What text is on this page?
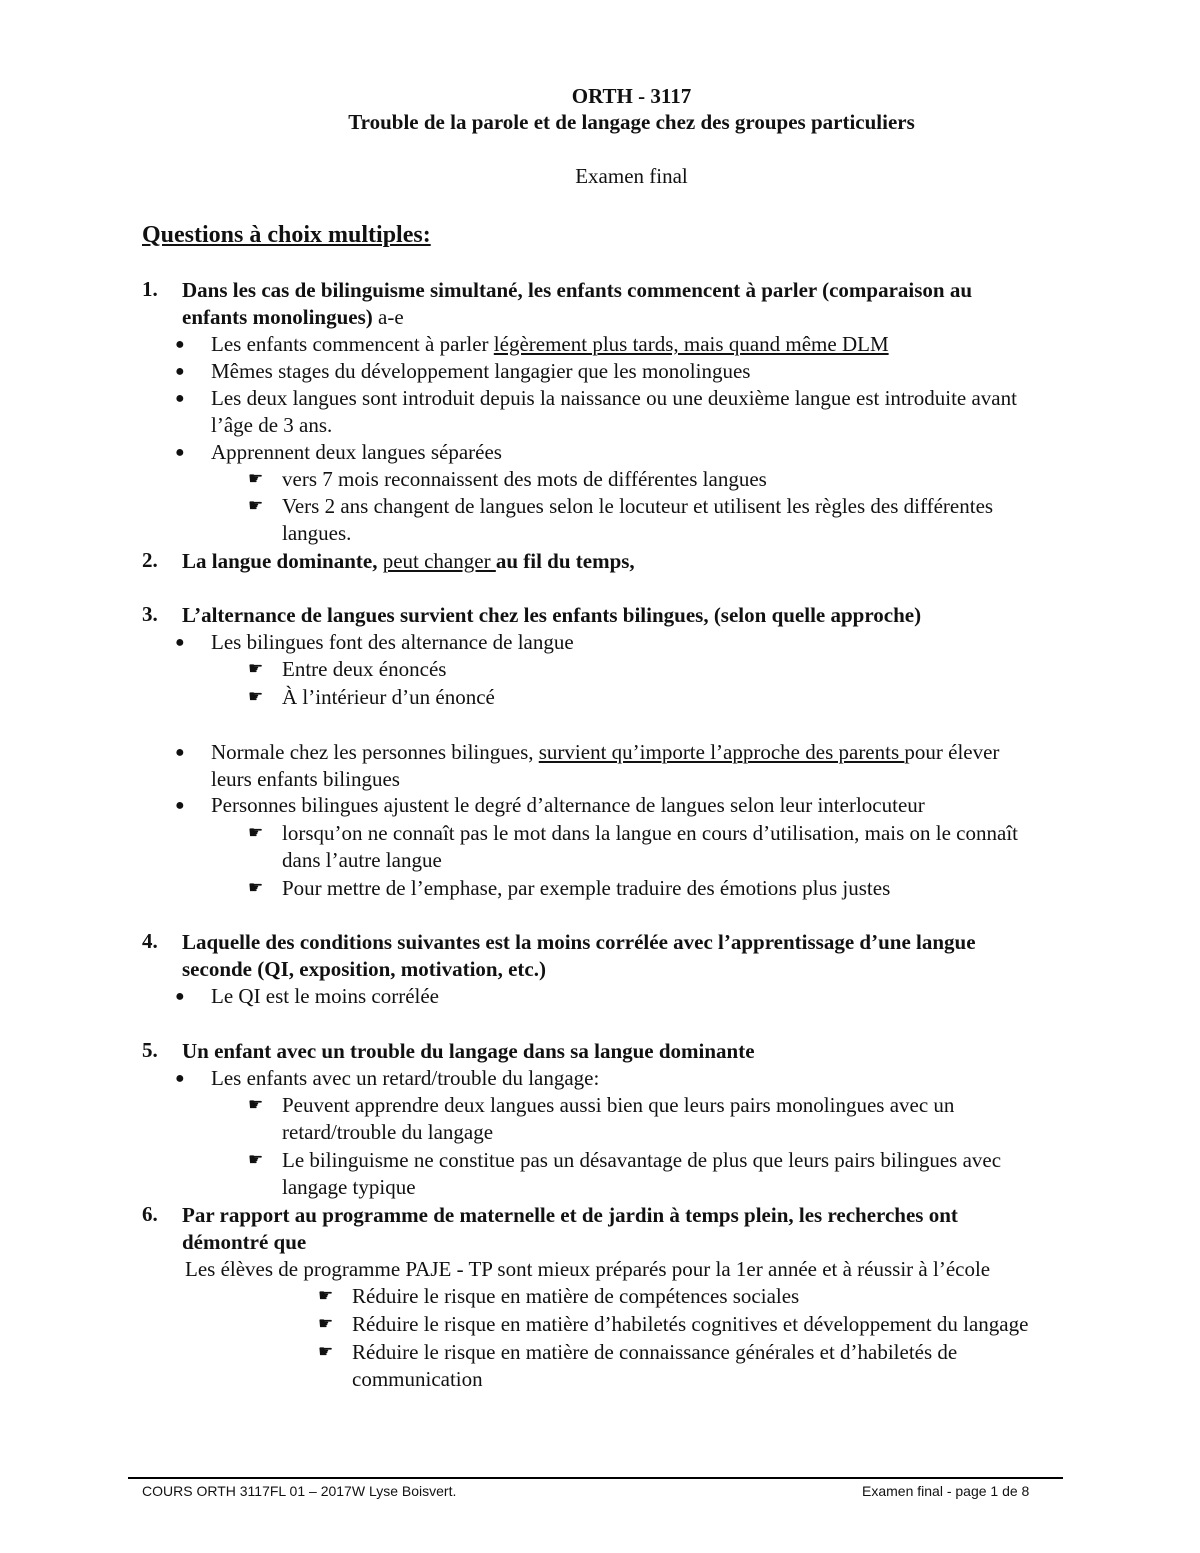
ORTH - 3117
Trouble de la parole et de langage chez des groupes particuliers
Examen final
Questions à choix multiples:
1. Dans les cas de bilinguisme simultané, les enfants commencent à parler (comparaison au
enfants monolingues) a-e
● Les enfants commencent à parler légèrement plus tards, mais quand même DLM
● Mêmes stages du développement langagier que les monolingues
● Les deux langues sont introduit depuis la naissance ou une deuxième langue est introduite avant
l’âge de 3 ans.
● Apprennent deux langues séparées
☛ vers 7 mois reconnaissent des mots de différentes langues
☛ Vers 2 ans changent de langues selon le locuteur et utilisent les règles des différentes
langues.
2. La langue dominante, peut changer au fil du temps,
3. L’alternance de langues survient chez les enfants bilingues, (selon quelle approche)
● Les bilingues font des alternance de langue
☛ Entre deux énoncés
☛ À l’intérieur d’un énoncé
● Normale chez les personnes bilingues, survient qu’importe l’approche des parents pour élever
leurs enfants bilingues
● Personnes bilingues ajustent le degré d’alternance de langues selon leur interlocuteur
☛ lorsqu’on ne connaît pas le mot dans la langue en cours d’utilisation, mais on le connaît
dans l’autre langue
☛ Pour mettre de l’emphase, par exemple traduire des émotions plus justes
4. Laquelle des conditions suivantes est la moins corrélée avec l’apprentissage d’une langue
seconde (QI, exposition, motivation, etc.)
● Le QI est le moins corrélée
5. Un enfant avec un trouble du langage dans sa langue dominante
● Les enfants avec un retard/trouble du langage:
☛ Peuvent apprendre deux langues aussi bien que leurs pairs monolingues avec un
retard/trouble du langage
☛ Le bilinguisme ne constitue pas un désavantage de plus que leurs pairs bilingues avec
langage typique
6. Par rapport au programme de maternelle et de jardin à temps plein, les recherches ont
démontré que
Les élèves de programme PAJE - TP sont mieux préparés pour la 1er année et à réussir à l’école
☛ Réduire le risque en matière de compétences sociales
☛ Réduire le risque en matière d’habiletés cognitives et développement du langage
☛ Réduire le risque en matière de connaissance générales et d’habiletés de
communication
COURS ORTH 3117FL 01 – 2017W Lyse Boisvert.	Examen final - page 1 de 8
